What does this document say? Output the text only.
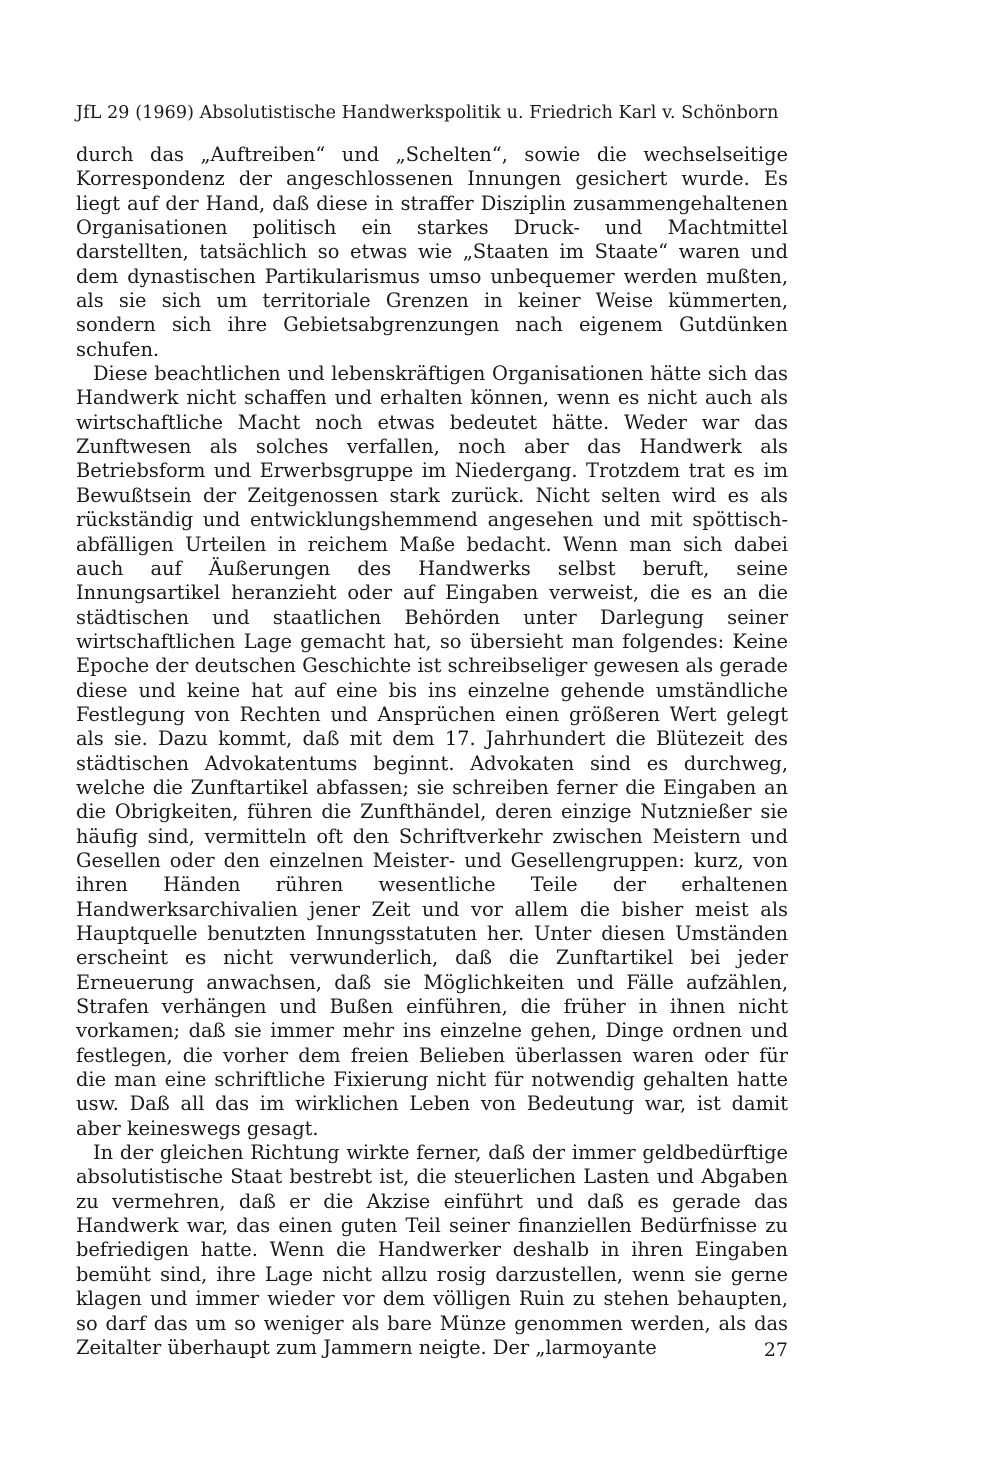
JfL 29 (1969) Absolutistische Handwerkspolitik u. Friedrich Karl v. Schönborn

durch das „Auftreiben“ und „Schelten“, sowie die wechselseitige Korrespondenz der angeschlossenen Innungen gesichert wurde. Es liegt auf der Hand, daß diese in straffer Disziplin zusammengehaltenen Organisationen politisch ein starkes Druck- und Machtmittel darstellten, tatsächlich so etwas wie „Staaten im Staate“ waren und dem dynastischen Partikularismus umso unbequemer werden mußten, als sie sich um territoriale Grenzen in keiner Weise kümmerten, sondern sich ihre Gebietsabgrenzungen nach eigenem Gutdünken schufen.

Diese beachtlichen und lebenskräftigen Organisationen hätte sich das Handwerk nicht schaffen und erhalten können, wenn es nicht auch als wirtschaftliche Macht noch etwas bedeutet hätte. Weder war das Zunftwesen als solches verfallen, noch aber das Handwerk als Betriebsform und Erwerbsgruppe im Niedergang. Trotzdem trat es im Bewußtsein der Zeitgenossen stark zurück. Nicht selten wird es als rückständig und entwicklungshemmend angesehen und mit spöttisch-abfälligen Urteilen in reichem Maße bedacht. Wenn man sich dabei auch auf Äußerungen des Handwerks selbst beruft, seine Innungsartikel heranzieht oder auf Eingaben verweist, die es an die städtischen und staatlichen Behörden unter Darlegung seiner wirtschaftlichen Lage gemacht hat, so übersieht man folgendes: Keine Epoche der deutschen Geschichte ist schreibseliger gewesen als gerade diese und keine hat auf eine bis ins einzelne gehende umständliche Festlegung von Rechten und Ansprüchen einen größeren Wert gelegt als sie. Dazu kommt, daß mit dem 17. Jahrhundert die Blütezeit des städtischen Advokatentums beginnt. Advokaten sind es durchweg, welche die Zunftartikel abfassen; sie schreiben ferner die Eingaben an die Obrigkeiten, führen die Zunfthändel, deren einzige Nutznießer sie häufig sind, vermitteln oft den Schriftverkehr zwischen Meistern und Gesellen oder den einzelnen Meister- und Gesellengruppen: kurz, von ihren Händen rühren wesentliche Teile der erhaltenen Handwerksarchivalien jener Zeit und vor allem die bisher meist als Hauptquelle benutzten Innungsstatuten her. Unter diesen Umständen erscheint es nicht verwunderlich, daß die Zunftartikel bei jeder Erneuerung anwachsen, daß sie Möglichkeiten und Fälle aufzählen, Strafen verhängen und Bußen einführen, die früher in ihnen nicht vorkamen; daß sie immer mehr ins einzelne gehen, Dinge ordnen und festlegen, die vorher dem freien Belieben überlassen waren oder für die man eine schriftliche Fixierung nicht für notwendig gehalten hatte usw. Daß all das im wirklichen Leben von Bedeutung war, ist damit aber keineswegs gesagt.

In der gleichen Richtung wirkte ferner, daß der immer geldbedürftige absolutistische Staat bestrebt ist, die steuerlichen Lasten und Abgaben zu vermehren, daß er die Akzise einführt und daß es gerade das Handwerk war, das einen guten Teil seiner finanziellen Bedürfnisse zu befriedigen hatte. Wenn die Handwerker deshalb in ihren Eingaben bemüht sind, ihre Lage nicht allzu rosig darzustellen, wenn sie gerne klagen und immer wieder vor dem völligen Ruin zu stehen behaupten, so darf das um so weniger als bare Münze genommen werden, als das Zeitalter überhaupt zum Jammern neigte. Der „larmoyante	27
